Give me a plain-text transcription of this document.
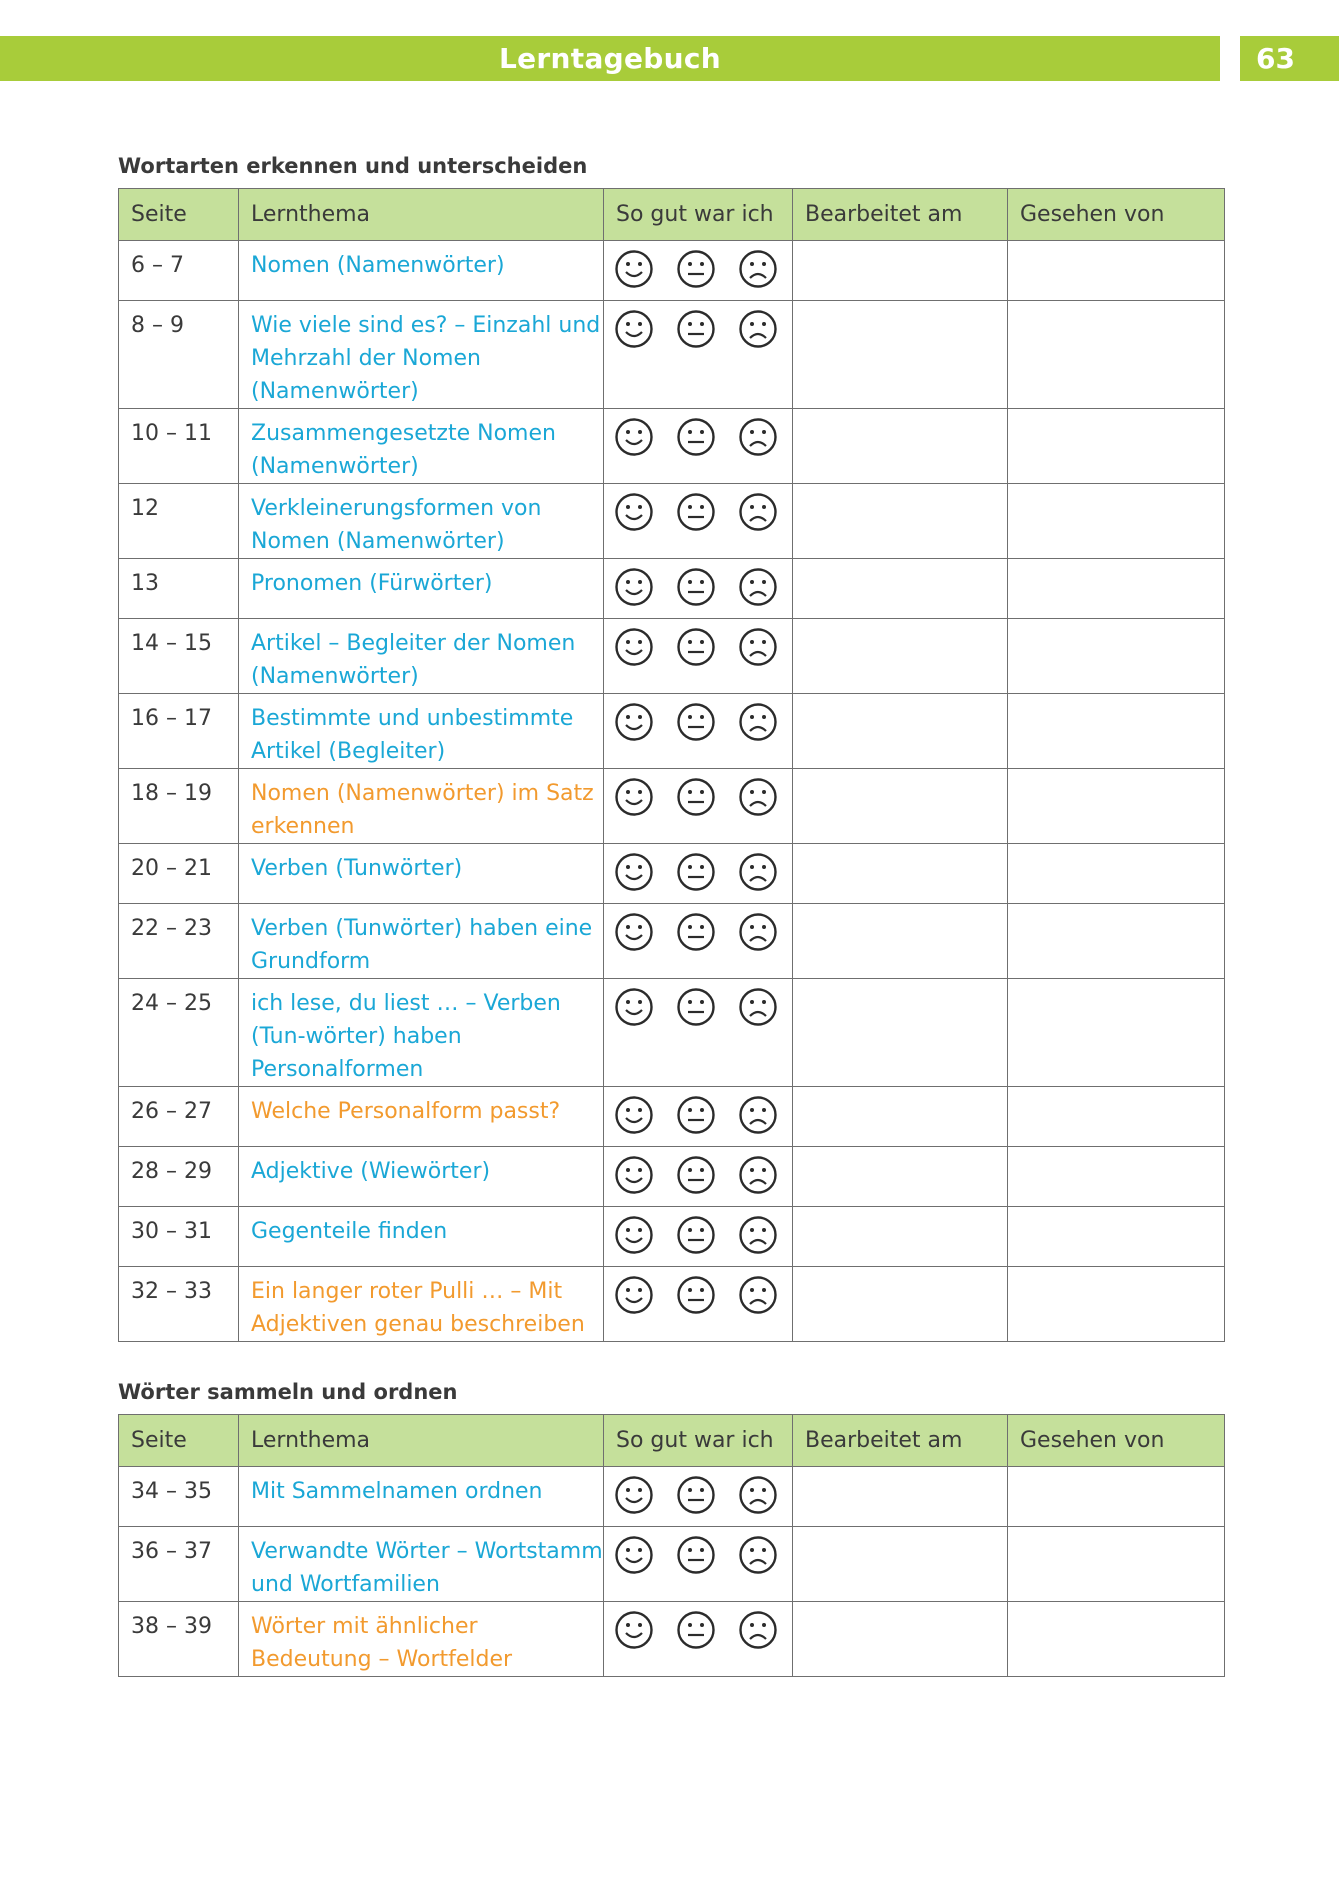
Lerntagebuch	63
Wortarten erkennen und unterscheiden
Seite	Lernthema	So gut war ich	Bearbeitet am	Gesehen von
6 – 7	Nomen (Namenwörter)	

8 – 9	Wie viele sind es? – Einzahl und Mehrzahl der Nomen (Namenwörter)	

10 – 11	Zusammengesetzte Nomen (Namenwörter)	

12	Verkleinerungsformen von Nomen (Namenwörter)	

13	Pronomen (Fürwörter)	

14 – 15	Artikel – Begleiter der Nomen (Namenwörter)	

16 – 17	Bestimmte und unbestimmte Artikel (Begleiter)	

18 – 19	Nomen (Namenwörter) im Satz erkennen	

20 – 21	Verben (Tunwörter)	

22 – 23	Verben (Tunwörter) haben eine Grundform	

24 – 25	ich lese, du liest … – Verben (Tun-wörter) haben Personalformen	

26 – 27	Welche Personalform passt?	

28 – 29	Adjektive (Wiewörter)	

30 – 31	Gegenteile finden	

32 – 33	Ein langer roter Pulli … – Mit Adjektiven genau beschreiben	

Wörter sammeln und ordnen
Seite	Lernthema	So gut war ich	Bearbeitet am	Gesehen von
34 – 35	Mit Sammelnamen ordnen	

36 – 37	Verwandte Wörter – Wortstamm und Wortfamilien	

38 – 39	Wörter mit ähnlicher Bedeutung – Wortfelder	
